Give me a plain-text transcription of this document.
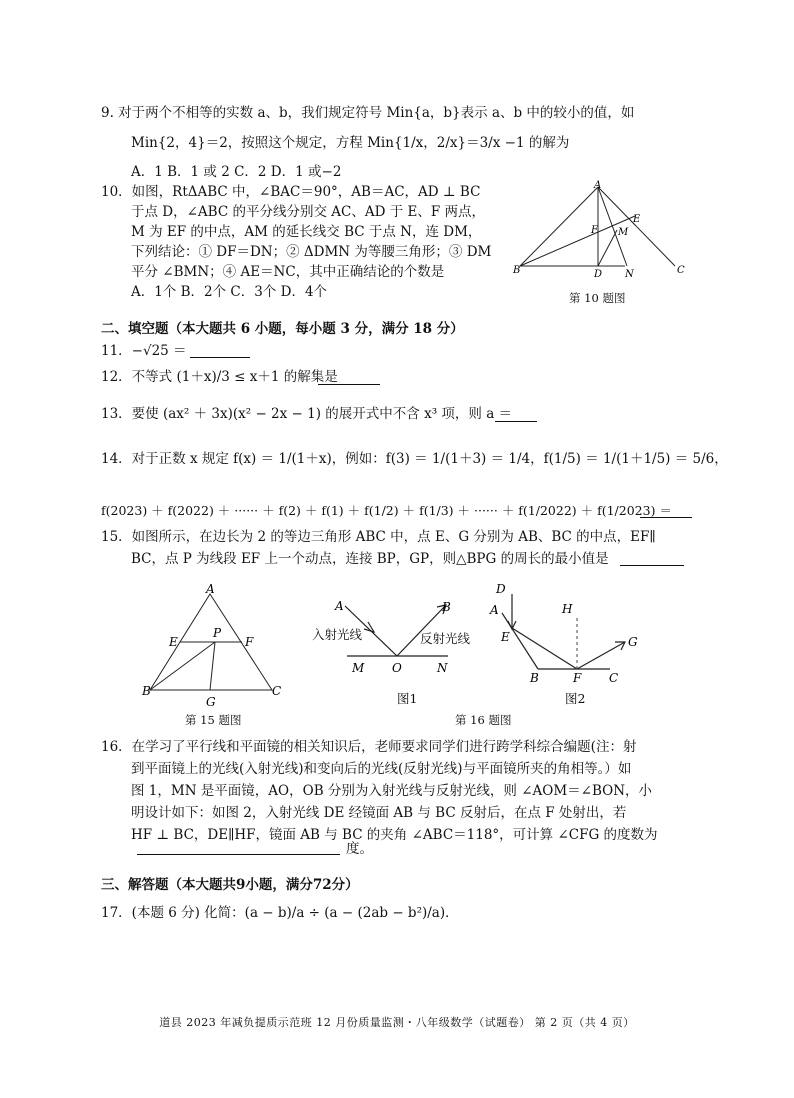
9. 对于两个不相等的实数 a、b，我们规定符号 Min{a，b}表示 a、b 中的较小的值，如
Min{2，4}＝2，按照这个规定，方程 Min{1/x，2/x}＝3/x −1 的解为
A．1 B．1 或 2 C．2 D．1 或−2
10．如图，RtΔABC 中，∠BAC＝90°，AB＝AC，AD ⊥ BC
于点 D，∠ABC 的平分线分别交 AC、AD 于 E、F 两点，
M 为 EF 的中点，AM 的延长线交 BC 于点 N，连 DM，
下列结论：① DF＝DN；② ΔDMN 为等腰三角形；③ DM
平分 ∠BMN；④ AE＝NC，其中正确结论的个数是
A．1个 B．2个 C．3个 D．4个
A
B	C
D
E
F M
N
第 10 题图
二、填空题（本大题共 6 小题，每小题 3 分，满分 18 分）
11．−√25 ＝
12．不等式 (1＋x)/3 ≤ x＋1 的解集是
13．要使 (ax² ＋ 3x)(x² − 2x − 1) 的展开式中不含 x³ 项，则 a ＝
14．对于正数 x 规定 f(x) ＝ 1/(1＋x)，例如：f(3) ＝ 1/(1＋3) ＝ 1/4，f(1/5) ＝ 1/(1＋1/5) ＝ 5/6，
f(2023) ＋ f(2022) ＋ ······ ＋ f(2) ＋ f(1) ＋ f(1/2) ＋ f(1/3) ＋ ······ ＋ f(1/2022) ＋ f(1/2023) ＝
15．如图所示，在边长为 2 的等边三角形 ABC 中，点 E、G 分别为 AB、BC 的中点，EF∥
BC，点 P 为线段 EF 上一个动点，连接 BP，GP，则△BPG 的周长的最小值是
A
B	C
E	F
P
G
第 15 题图
A	B
M O	N
入射光线	反射光线
图1
D
A
E
H
G
B	F C
图2
第 16 题图
16．在学习了平行线和平面镜的相关知识后，老师要求同学们进行跨学科综合编题(注：射
到平面镜上的光线(入射光线)和变向后的光线(反射光线)与平面镜所夹的角相等。）如
图 1，MN 是平面镜，AO，OB 分别为入射光线与反射光线，则 ∠AOM＝∠BON，小
明设计如下：如图 2，入射光线 DE 经镜面 AB 与 BC 反射后，在点 F 处射出，若
HF ⊥ BC，DE∥HF，镜面 AB 与 BC 的夹角 ∠ABC＝118°，可计算 ∠CFG 的度数为
度。
三、解答题（本大题共9小题，满分72分）
17．(本题 6 分) 化简：(a − b)/a ÷ (a − (2ab − b²)/a)．
道县 2023 年减负提质示范班 12 月份质量监测・八年级数学（试题卷） 第 2 页（共 4 页）
